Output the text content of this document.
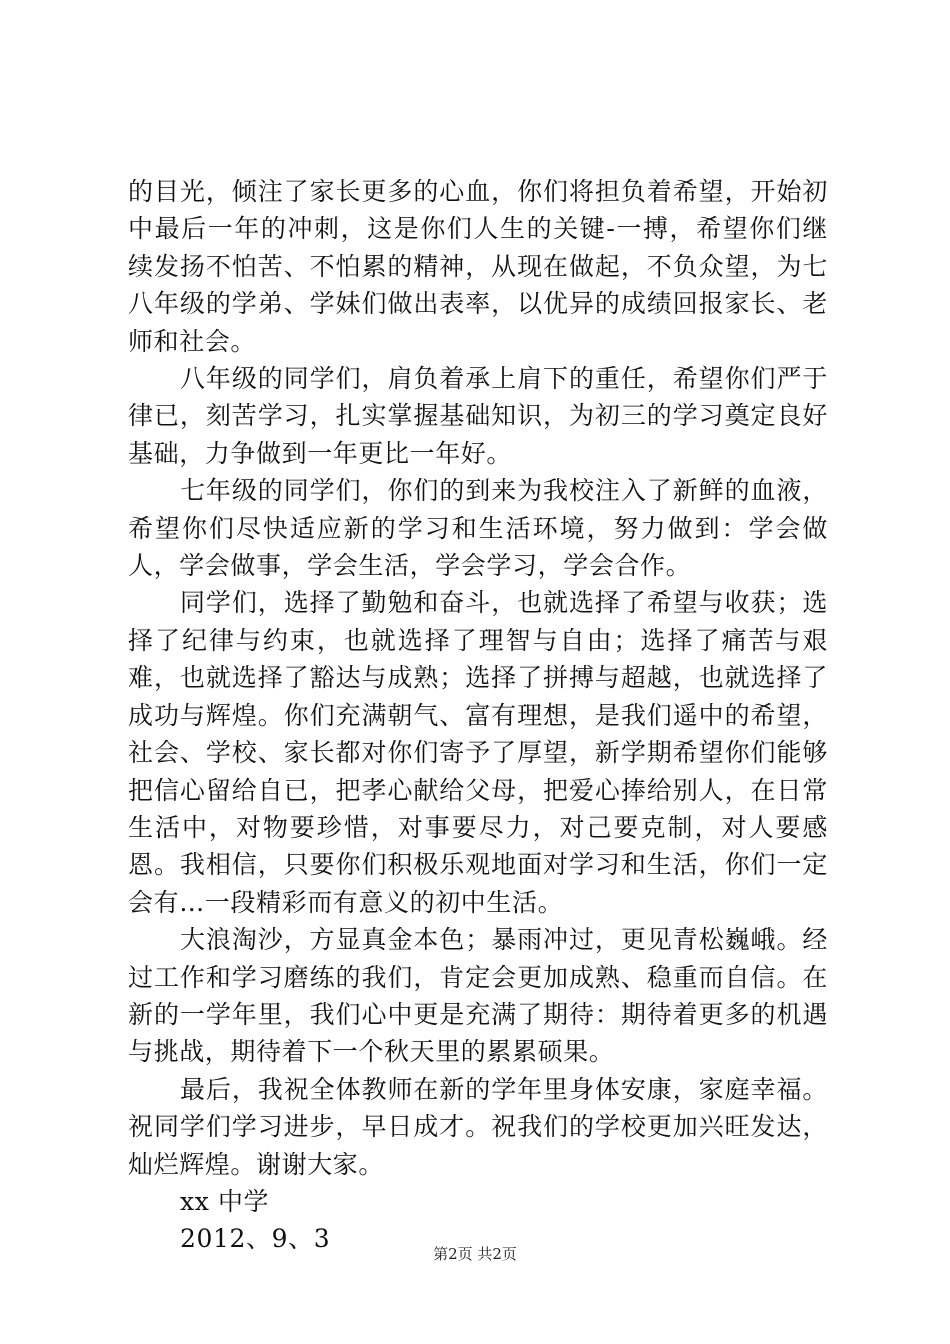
的目光，倾注了家长更多的心血，你们将担负着希望，开始初中最后一年的冲刺，这是你们人生的关键-一搏，希望你们继续发扬不怕苦、不怕累的精神，从现在做起，不负众望，为七八年级的学弟、学妹们做出表率，以优异的成绩回报家长、老师和社会。

八年级的同学们，肩负着承上肩下的重任，希望你们严于律已，刻苦学习，扎实掌握基础知识，为初三的学习奠定良好基础，力争做到一年更比一年好。

七年级的同学们，你们的到来为我校注入了新鲜的血液，希望你们尽快适应新的学习和生活环境，努力做到：学会做人，学会做事，学会生活，学会学习，学会合作。

同学们，选择了勤勉和奋斗，也就选择了希望与收获；选择了纪律与约束，也就选择了理智与自由；选择了痛苦与艰难，也就选择了豁达与成熟；选择了拼搏与超越，也就选择了成功与辉煌。你们充满朝气、富有理想，是我们遥中的希望，社会、学校、家长都对你们寄予了厚望，新学期希望你们能够把信心留给自已，把孝心献给父母，把爱心捧给别人，在日常生活中，对物要珍惜，对事要尽力，对己要克制，对人要感恩。我相信，只要你们积极乐观地面对学习和生活，你们一定会有…一段精彩而有意义的初中生活。

大浪淘沙，方显真金本色；暴雨冲过，更见青松巍峨。经过工作和学习磨练的我们，肯定会更加成熟、稳重而自信。在新的一学年里，我们心中更是充满了期待：期待着更多的机遇与挑战，期待着下一个秋天里的累累硕果。

最后，我祝全体教师在新的学年里身体安康，家庭幸福。祝同学们学习进步，早日成才。祝我们的学校更加兴旺发达，灿烂辉煌。谢谢大家。

xx 中学

2012、9、3

第2页 共2页
